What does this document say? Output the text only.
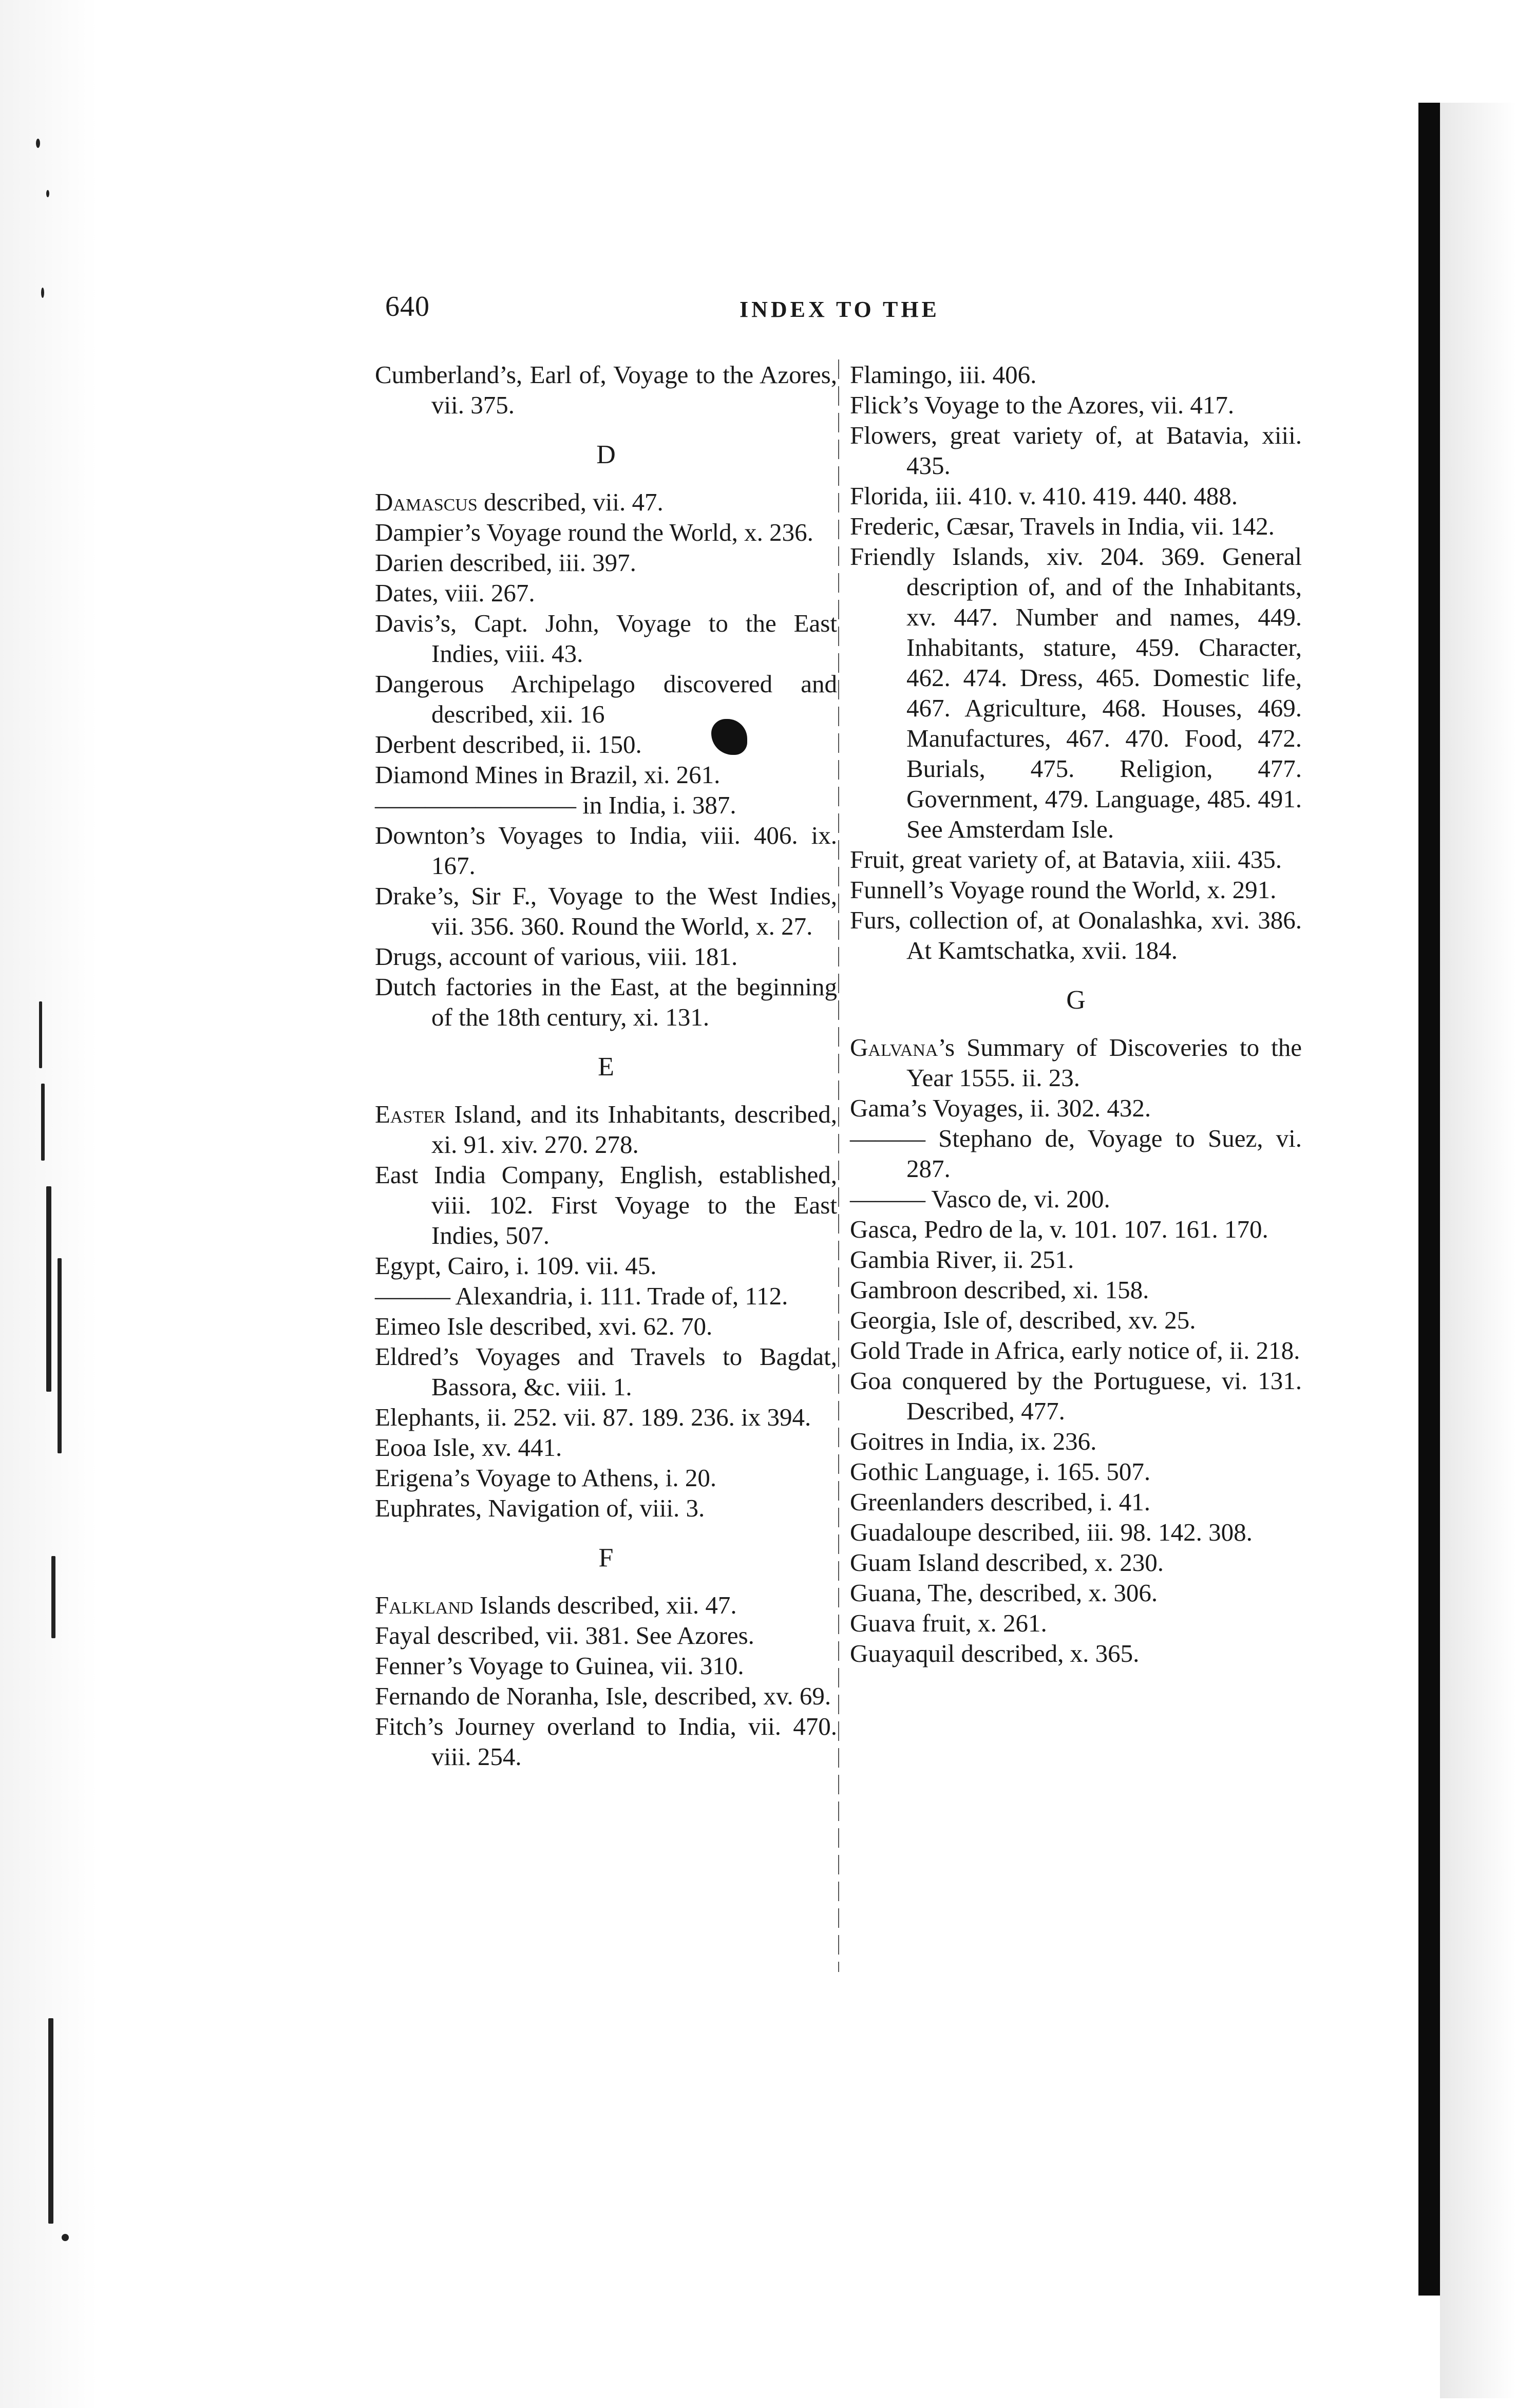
640	INDEX TO THE

Cumberland’s, Earl of, Voyage to the Azores, vii. 375.

D

Damascus described, vii. 47.

Dampier’s Voyage round the World, x. 236.

Darien described, iii. 397.

Dates, viii. 267.

Davis’s, Capt. John, Voyage to the East Indies, viii. 43.

Dangerous Archipelago discovered and described, xii. 16

Derbent described, ii. 150.

Diamond Mines in Brazil, xi. 261.

———————— in India, i. 387.

Downton’s Voyages to India, viii. 406. ix. 167.

Drake’s, Sir F., Voyage to the West Indies, vii. 356. 360. Round the World, x. 27.

Drugs, account of various, viii. 181.

Dutch factories in the East, at the beginning of the 18th century, xi. 131.

E

Easter Island, and its Inhabitants, described, xi. 91. xiv. 270. 278.

East India Company, English, established, viii. 102. First Voyage to the East Indies, 507.

Egypt, Cairo, i. 109. vii. 45.

——— Alexandria, i. 111. Trade of, 112.

Eimeo Isle described, xvi. 62. 70.

Eldred’s Voyages and Travels to Bagdat, Bassora, &c. viii. 1.

Elephants, ii. 252. vii. 87. 189. 236. ix 394.

Eooa Isle, xv. 441.

Erigena’s Voyage to Athens, i. 20.

Euphrates, Navigation of, viii. 3.

F

Falkland Islands described, xii. 47.

Fayal described, vii. 381. See Azores.

Fenner’s Voyage to Guinea, vii. 310.

Fernando de Noranha, Isle, described, xv. 69.

Fitch’s Journey overland to India, vii. 470. viii. 254.

Flamingo, iii. 406.

Flick’s Voyage to the Azores, vii. 417.

Flowers, great variety of, at Batavia, xiii. 435.

Florida, iii. 410. v. 410. 419. 440. 488.

Frederic, Cæsar, Travels in India, vii. 142.

Friendly Islands, xiv. 204. 369. General description of, and of the Inhabitants, xv. 447. Number and names, 449. Inhabitants, stature, 459. Character, 462. 474. Dress, 465. Domestic life, 467. Agriculture, 468. Houses, 469. Manufactures, 467. 470. Food, 472. Burials, 475. Religion, 477. Government, 479. Language, 485. 491. See Amsterdam Isle.

Fruit, great variety of, at Batavia, xiii. 435.

Funnell’s Voyage round the World, x. 291.

Furs, collection of, at Oonalashka, xvi. 386. At Kamtschatka, xvii. 184.

G

Galvana’s Summary of Discoveries to the Year 1555. ii. 23.

Gama’s Voyages, ii. 302. 432.

——— Stephano de, Voyage to Suez, vi. 287.

——— Vasco de, vi. 200.

Gasca, Pedro de la, v. 101. 107. 161. 170.

Gambia River, ii. 251.

Gambroon described, xi. 158.

Georgia, Isle of, described, xv. 25.

Gold Trade in Africa, early notice of, ii. 218.

Goa conquered by the Portuguese, vi. 131. Described, 477.

Goitres in India, ix. 236.

Gothic Language, i. 165. 507.

Greenlanders described, i. 41.

Guadaloupe described, iii. 98. 142. 308.

Guam Island described, x. 230.

Guana, The, described, x. 306.

Guava fruit, x. 261.

Guayaquil described, x. 365.
